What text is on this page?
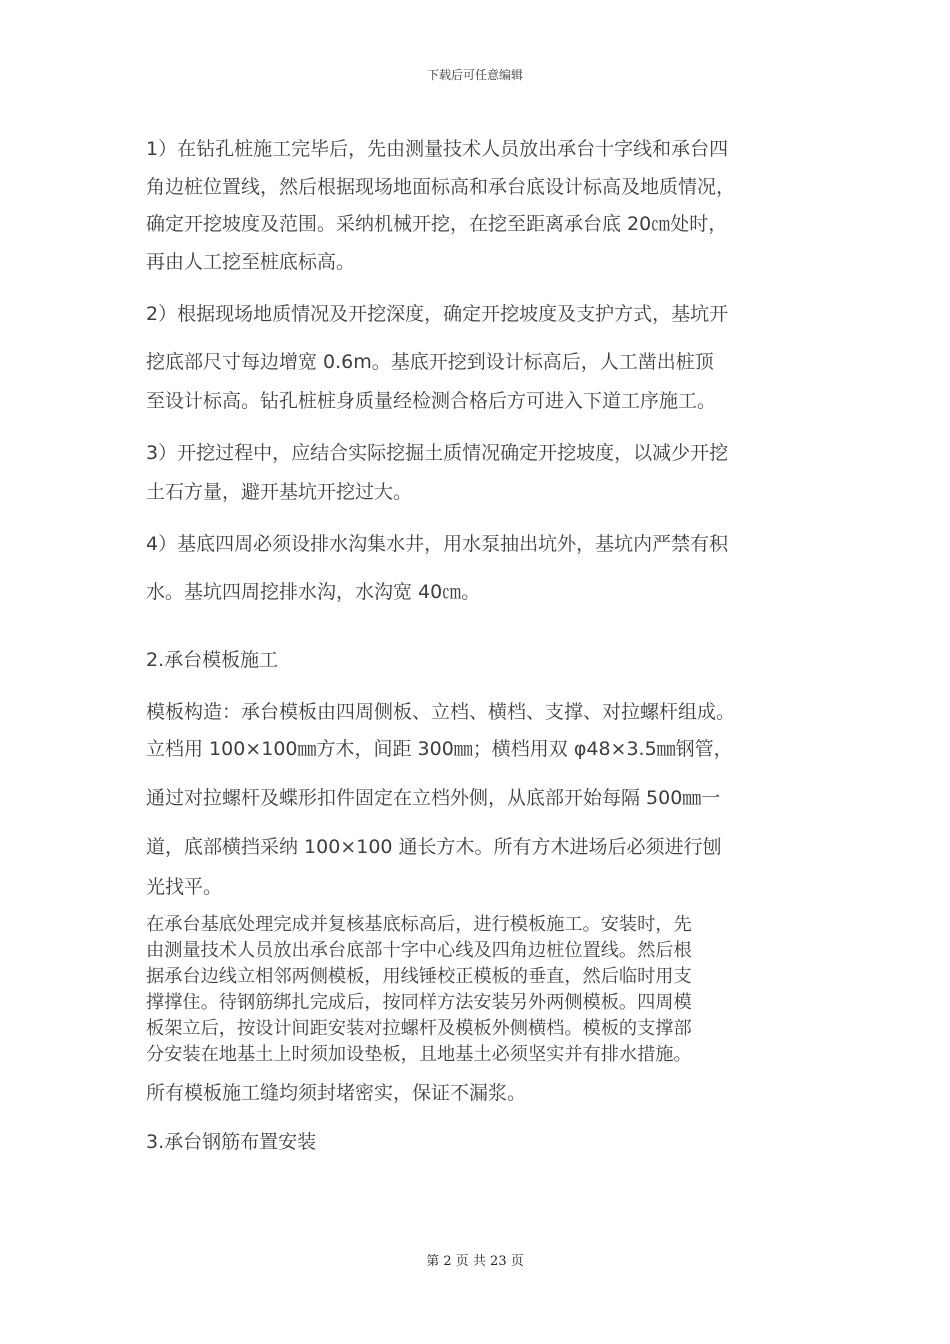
下载后可任意编辑
1）在钻孔桩施工完毕后，先由测量技术人员放出承台十字线和承台四
角边桩位置线，然后根据现场地面标高和承台底设计标高及地质情况，
确定开挖坡度及范围。采纳机械开挖，在挖至距离承台底 20㎝处时，
再由人工挖至桩底标高。
2）根据现场地质情况及开挖深度，确定开挖坡度及支护方式，基坑开
挖底部尺寸每边增宽 0.6m。基底开挖到设计标高后，人工凿出桩顶
至设计标高。钻孔桩桩身质量经检测合格后方可进入下道工序施工。
3）开挖过程中，应结合实际挖掘土质情况确定开挖坡度，以减少开挖
土石方量，避开基坑开挖过大。
4）基底四周必须设排水沟集水井，用水泵抽出坑外，基坑内严禁有积
水。基坑四周挖排水沟，水沟宽 40㎝。
2.承台模板施工
模板构造：承台模板由四周侧板、立档、横档、支撑、对拉螺杆组成。
立档用 100×100㎜方木，间距 300㎜；横档用双 φ48×3.5㎜钢管，
通过对拉螺杆及蝶形扣件固定在立档外侧，从底部开始每隔 500㎜一
道，底部横挡采纳 100×100 通长方木。所有方木进场后必须进行刨
光找平。
在承台基底处理完成并复核基底标高后，进行模板施工。安装时，先
由测量技术人员放出承台底部十字中心线及四角边桩位置线。然后根
据承台边线立相邻两侧模板，用线锤校正模板的垂直，然后临时用支
撑撑住。待钢筋绑扎完成后，按同样方法安装另外两侧模板。四周模
板架立后，按设计间距安装对拉螺杆及模板外侧横档。模板的支撑部
分安装在地基土上时须加设垫板，且地基土必须坚实并有排水措施。
所有模板施工缝均须封堵密实，保证不漏浆。
3.承台钢筋布置安装
第 2 页 共 23 页
